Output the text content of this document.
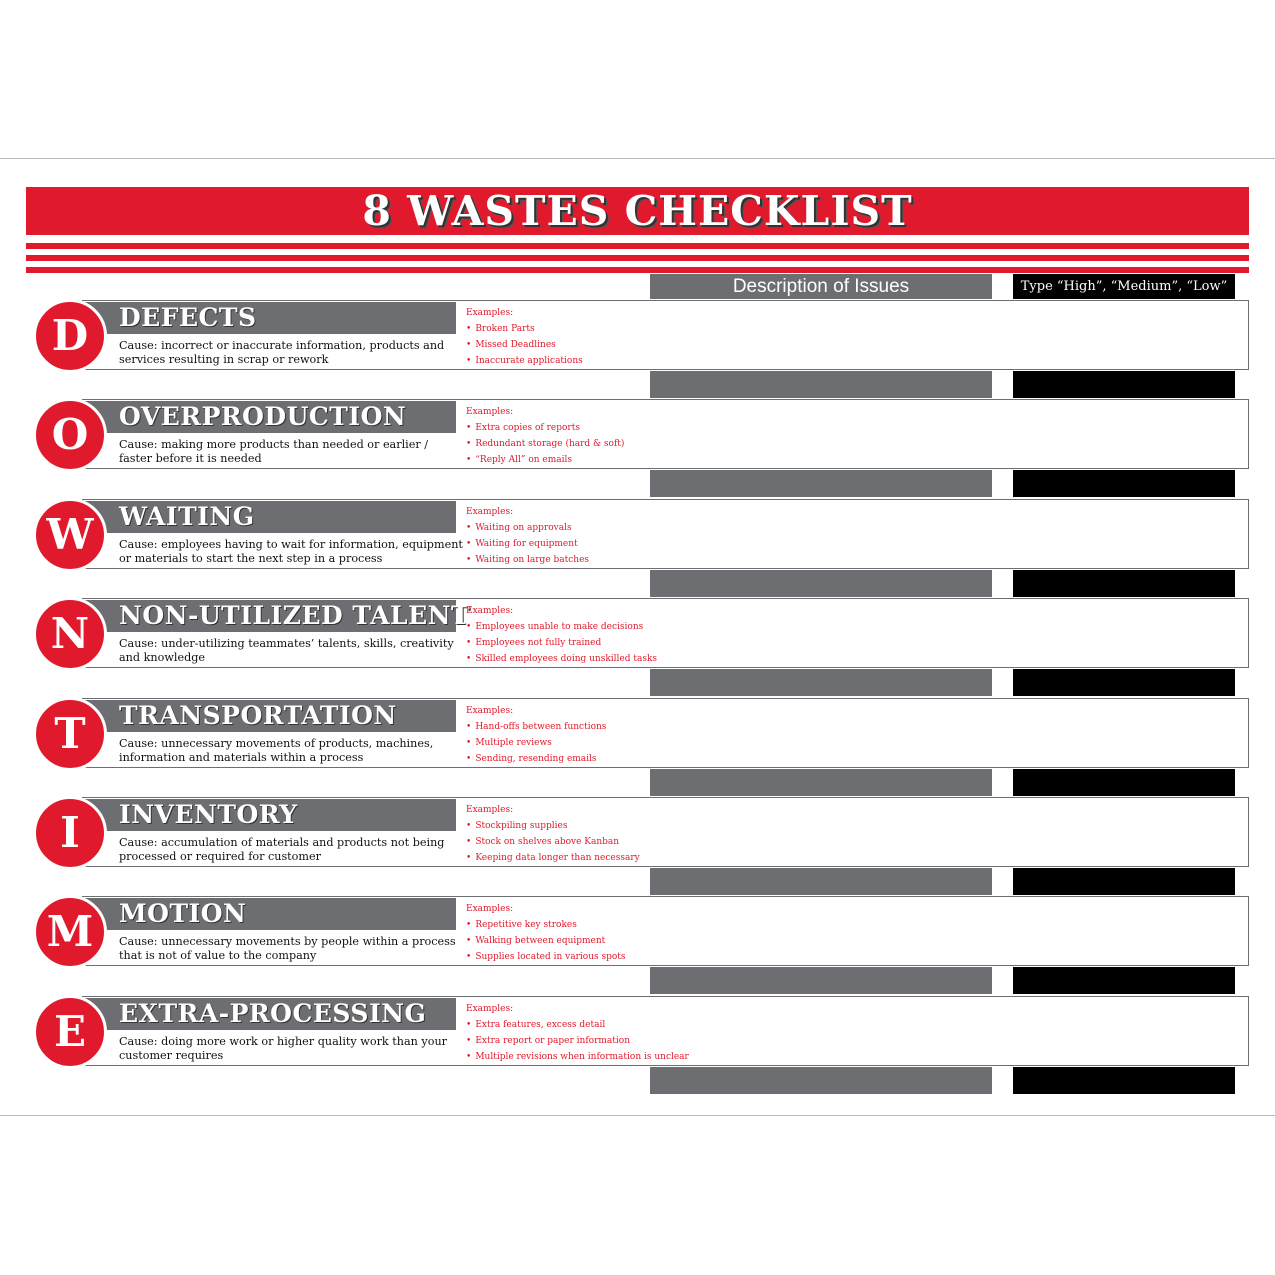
8 WASTES CHECKLIST
Description of Issues	Type “High”, “Medium”, “Low”
DEFECTS
Cause: incorrect or inaccurate information, products and services resulting in scrap or rework
D	Examples:
• Broken Parts
• Missed Deadlines
• Inaccurate applications
OVERPRODUCTION
Cause: making more products than needed or earlier / faster before it is needed
O	Examples:
• Extra copies of reports
• Redundant storage (hard & soft)
• “Reply All” on emails
WAITING
Cause: employees having to wait for information, equipment or materials to start the next step in a process
W	Examples:
• Waiting on approvals
• Waiting for equipment
• Waiting on large batches
NON-UTILIZED TALENT
Cause: under-utilizing teammates’ talents, skills, creativity and knowledge
N	Examples:
• Employees unable to make decisions
• Employees not fully trained
• Skilled employees doing unskilled tasks
TRANSPORTATION
Cause: unnecessary movements of products, machines, information and materials within a process
T	Examples:
• Hand-offs between functions
• Multiple reviews
• Sending, resending emails
INVENTORY
Cause: accumulation of materials and products not being processed or required for customer
I	Examples:
• Stockpiling supplies
• Stock on shelves above Kanban
• Keeping data longer than necessary
MOTION
Cause: unnecessary movements by people within a process that is not of value to the company
M	Examples:
• Repetitive key strokes
• Walking between equipment
• Supplies located in various spots
EXTRA-PROCESSING
Cause: doing more work or higher quality work than your customer requires
E	Examples:
• Extra features, excess detail
• Extra report or paper information
• Multiple revisions when information is unclear
